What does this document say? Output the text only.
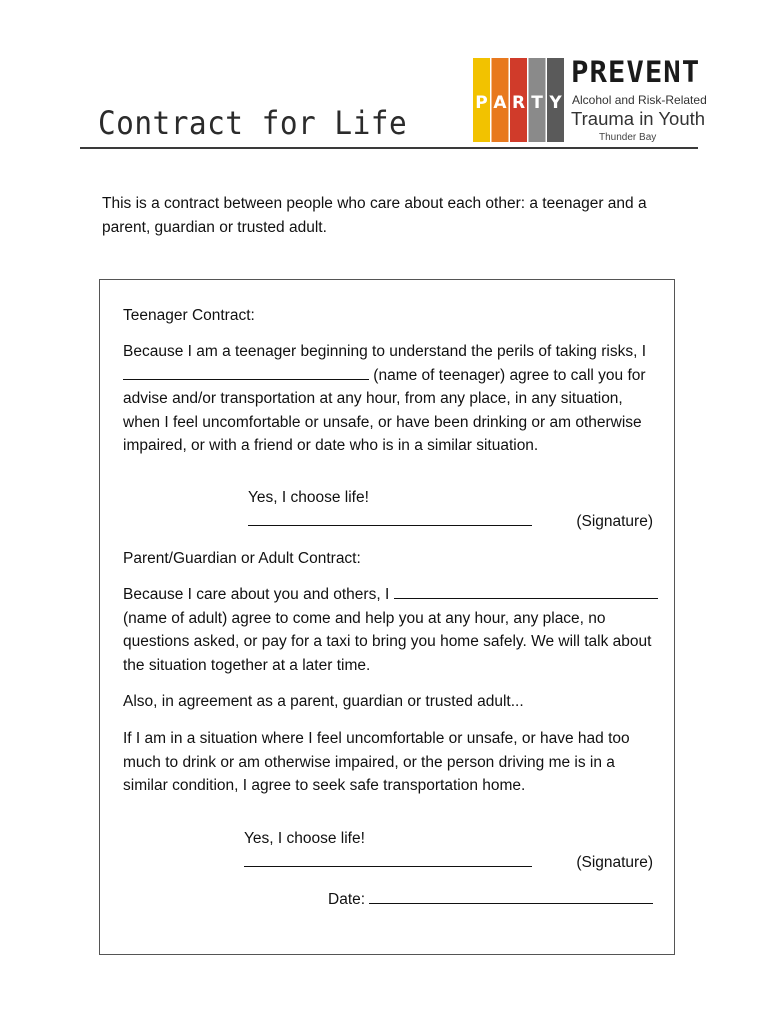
Contract for Life
P A R T Y
PREVENT
Alcohol and Risk-Related
Trauma in Youth
Thunder Bay
This is a contract between people who care about each other: a teenager and a parent, guardian or trusted adult.
Teenager Contract:
Because I am a teenager beginning to understand the perils of taking risks, I
(name of teenager) agree to call you for
advise and/or transportation at any hour, from any place, in any situation,
when I feel uncomfortable or unsafe, or have been drinking or am otherwise
impaired, or with a friend or date who is in a similar situation.
Yes, I choose life!
(Signature)
Parent/Guardian or Adult Contract:
Because I care about you and others, I
(name of adult) agree to come and help you at any hour, any place, no
questions asked, or pay for a taxi to bring you home safely. We will talk about
the situation together at a later time.
Also, in agreement as a parent, guardian or trusted adult...
If I am in a situation where I feel uncomfortable or unsafe, or have had too
much to drink or am otherwise impaired, or the person driving me is in a
similar condition, I agree to seek safe transportation home.
Yes, I choose life!
(Signature)
Date:
